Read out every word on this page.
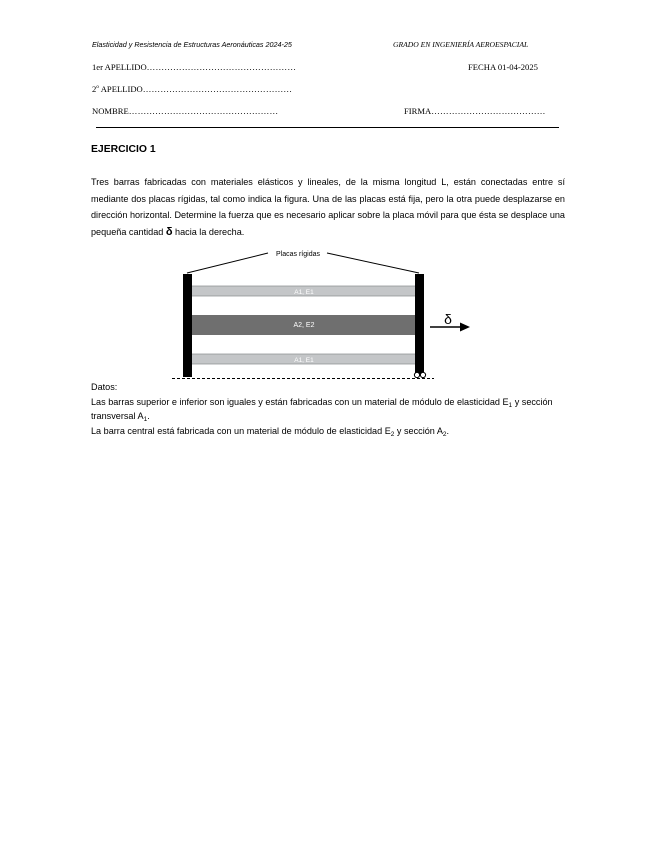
Elasticidad y Resistencia de Estructuras Aeronáuticas 2024-25	GRADO EN INGENIERÍA AEROESPACIAL
1er APELLIDO……………………………………………
2$^o$ APELLIDO……………………………………………
NOMBRE……………………………………………
FECHA 01-04-2025
FIRMA…………………………………
EJERCICIO 1
Tres barras fabricadas con materiales elásticos y lineales, de la misma longitud L, están conectadas entre sí mediante dos placas rígidas, tal como indica la figura. Una de las placas está fija, pero la otra puede desplazarse en dirección horizontal. Determine la fuerza que es necesario aplicar sobre la placa móvil para que ésta se desplace una pequeña cantidad δ hacia la derecha.
Placas rígidas
A1, E1
A2, E2
A1, E1
δ

Datos:

Las barras superior e inferior son iguales y están fabricadas con un material de módulo de elasticidad $E_1$ y sección transversal $A_1$.

La barra central está fabricada con un material de módulo de elasticidad $E_2$ y sección $A_2$.
